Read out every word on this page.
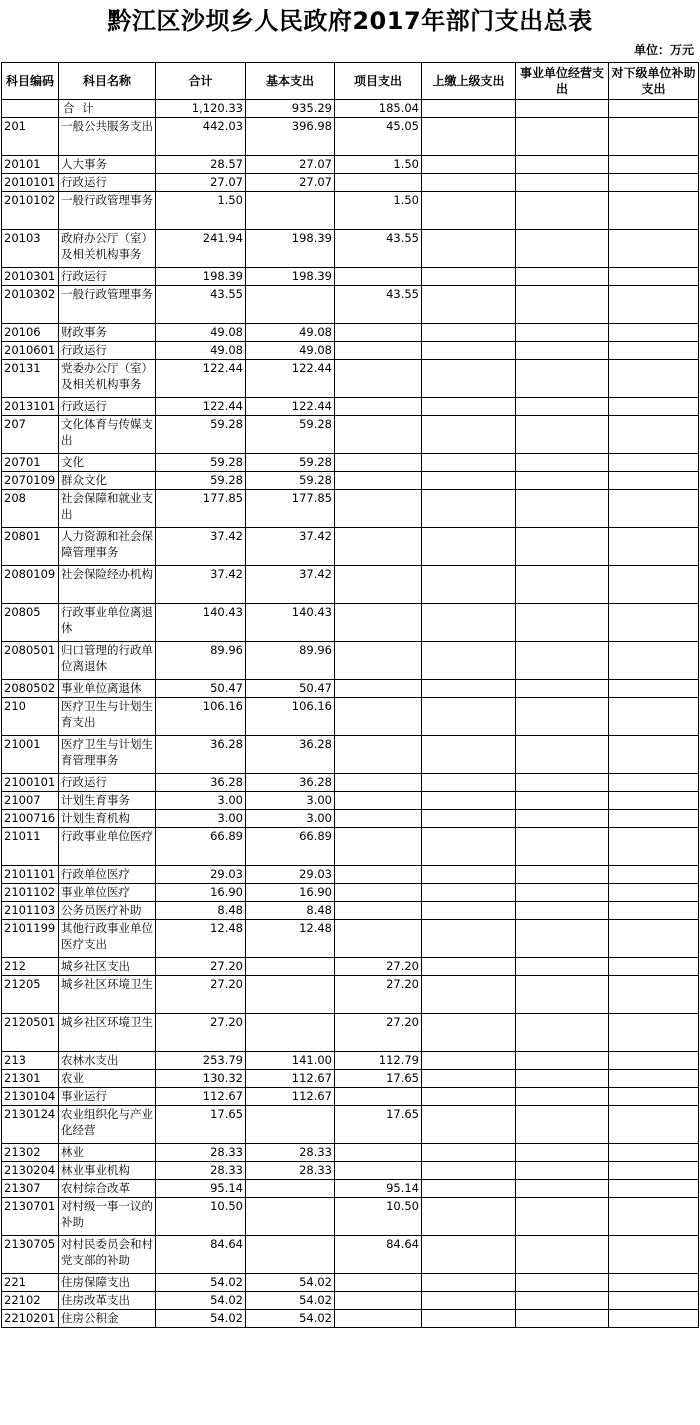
黔江区沙坝乡人民政府2017年部门支出总表
单位：万元
科目编码	科目名称	合计	基本支出	项目支出	上缴上级支出	事业单位经营支出	对下级单位补助支出

	合 计	1,120.33	935.29	185.04			
201	一般公共服务支出	442.03	396.98	45.05			
20101	人大事务	28.57	27.07	1.50			
2010101	行政运行	27.07	27.07				
2010102	一般行政管理事务	1.50		1.50			
20103	政府办公厅（室）及相关机构事务	241.94	198.39	43.55			
2010301	行政运行	198.39	198.39				
2010302	一般行政管理事务	43.55		43.55			
20106	财政事务	49.08	49.08				
2010601	行政运行	49.08	49.08				
20131	党委办公厅（室）及相关机构事务	122.44	122.44				
2013101	行政运行	122.44	122.44				
207	文化体育与传媒支出	59.28	59.28				
20701	文化	59.28	59.28				
2070109	群众文化	59.28	59.28				
208	社会保障和就业支出	177.85	177.85				
20801	人力资源和社会保障管理事务	37.42	37.42				
2080109	社会保险经办机构	37.42	37.42				
20805	行政事业单位离退休	140.43	140.43				
2080501	归口管理的行政单位离退休	89.96	89.96				
2080502	事业单位离退休	50.47	50.47				
210	医疗卫生与计划生育支出	106.16	106.16				
21001	医疗卫生与计划生育管理事务	36.28	36.28				
2100101	行政运行	36.28	36.28				
21007	计划生育事务	3.00	3.00				
2100716	计划生育机构	3.00	3.00				
21011	行政事业单位医疗	66.89	66.89				
2101101	行政单位医疗	29.03	29.03				
2101102	事业单位医疗	16.90	16.90				
2101103	公务员医疗补助	8.48	8.48				
2101199	其他行政事业单位医疗支出	12.48	12.48				
212	城乡社区支出	27.20		27.20			
21205	城乡社区环境卫生	27.20		27.20			
2120501	城乡社区环境卫生	27.20		27.20			
213	农林水支出	253.79	141.00	112.79			
21301	农业	130.32	112.67	17.65			
2130104	事业运行	112.67	112.67				
2130124	农业组织化与产业化经营	17.65		17.65			
21302	林业	28.33	28.33				
2130204	林业事业机构	28.33	28.33				
21307	农村综合改革	95.14		95.14			
2130701	对村级一事一议的补助	10.50		10.50			
2130705	对村民委员会和村党支部的补助	84.64		84.64			
221	住房保障支出	54.02	54.02				
22102	住房改革支出	54.02	54.02				
2210201	住房公积金	54.02	54.02				
